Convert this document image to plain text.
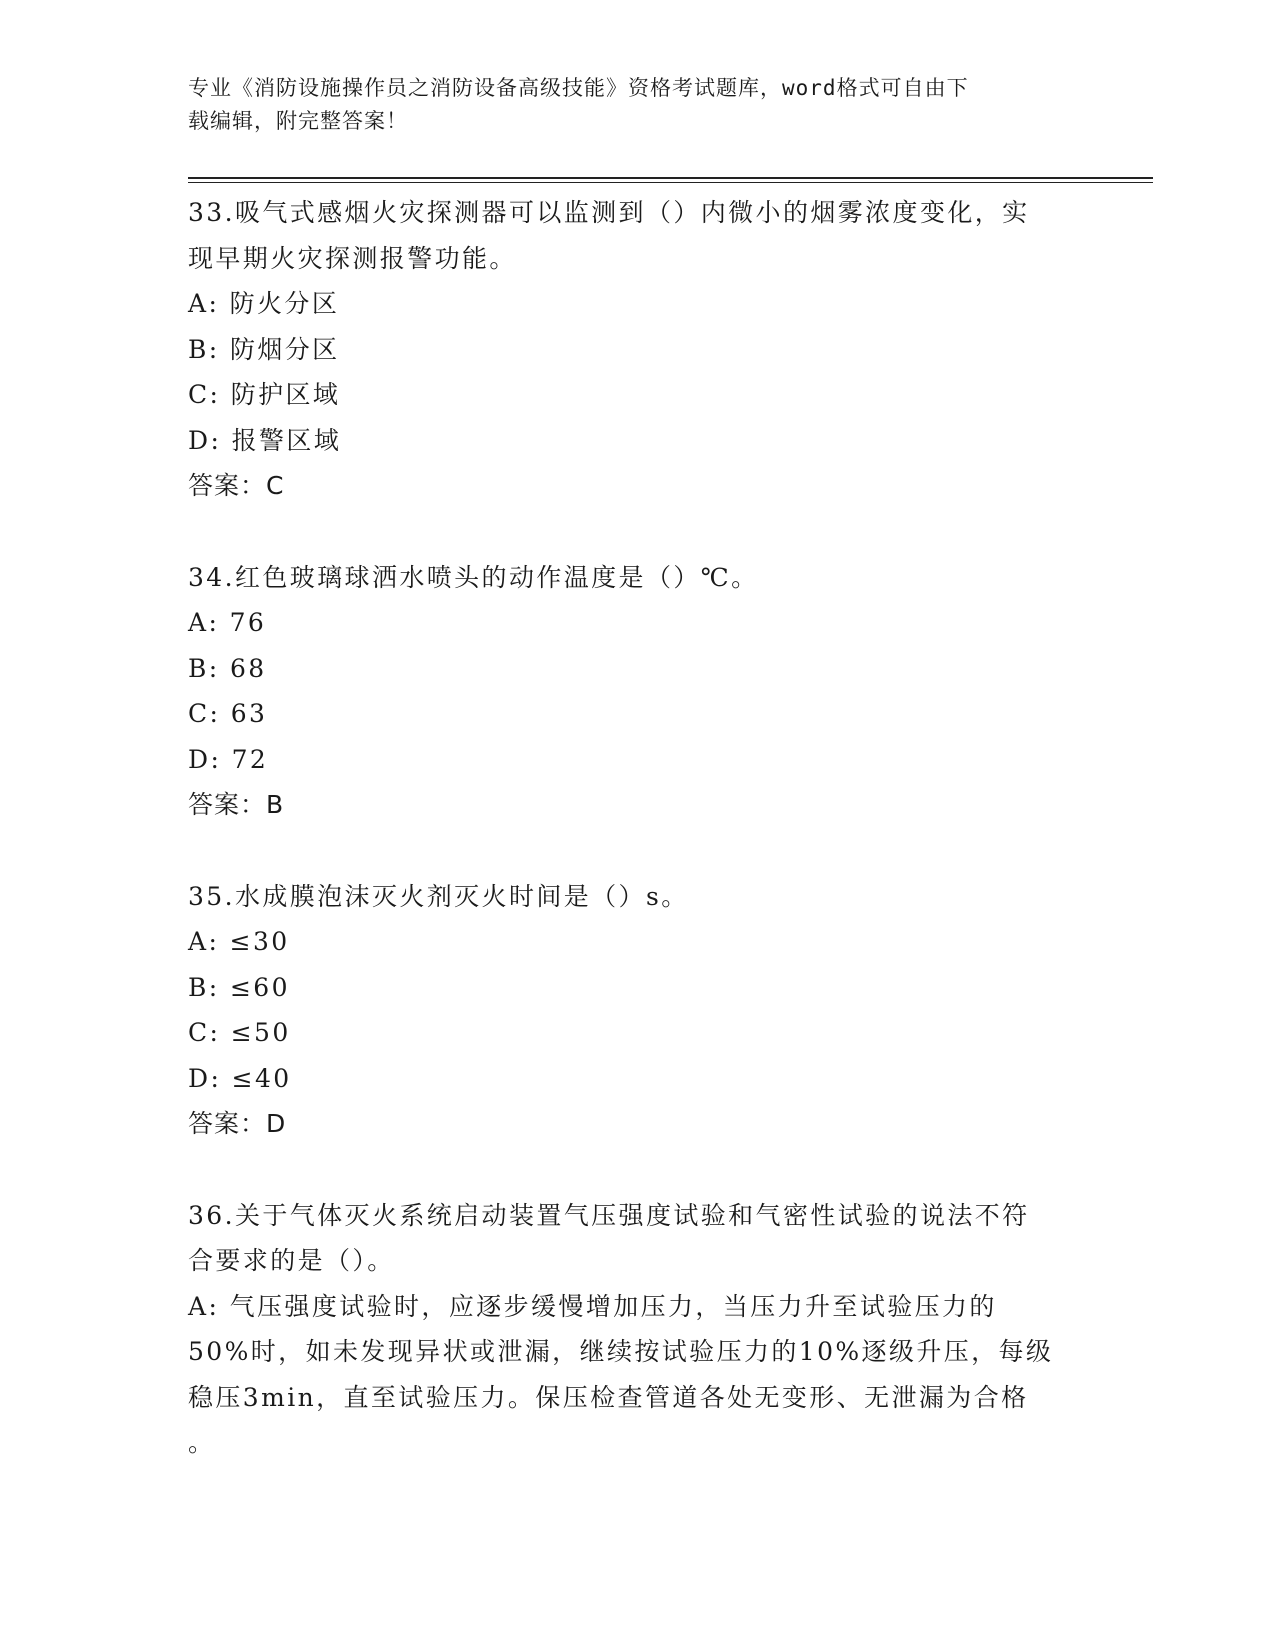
专业《消防设施操作员之消防设备高级技能》资格考试题库，word格式可自由下
载编辑，附完整答案！

33.吸气式感烟火灾探测器可以监测到（）内微小的烟雾浓度变化，实

现早期火灾探测报警功能。

A: 防火分区

B: 防烟分区

C: 防护区域

D: 报警区域

答案：C

34.红色玻璃球洒水喷头的动作温度是（）℃。

A: 76

B: 68

C: 63

D: 72

答案：B

35.水成膜泡沫灭火剂灭火时间是（）s。

A: ≤30

B: ≤60

C: ≤50

D: ≤40

答案：D

36.关于气体灭火系统启动装置气压强度试验和气密性试验的说法不符

合要求的是（）。

A: 气压强度试验时，应逐步缓慢增加压力，当压力升至试验压力的

50%时，如未发现异状或泄漏，继续按试验压力的10%逐级升压，每级

稳压3min，直至试验压力。保压检查管道各处无变形、无泄漏为合格

。
